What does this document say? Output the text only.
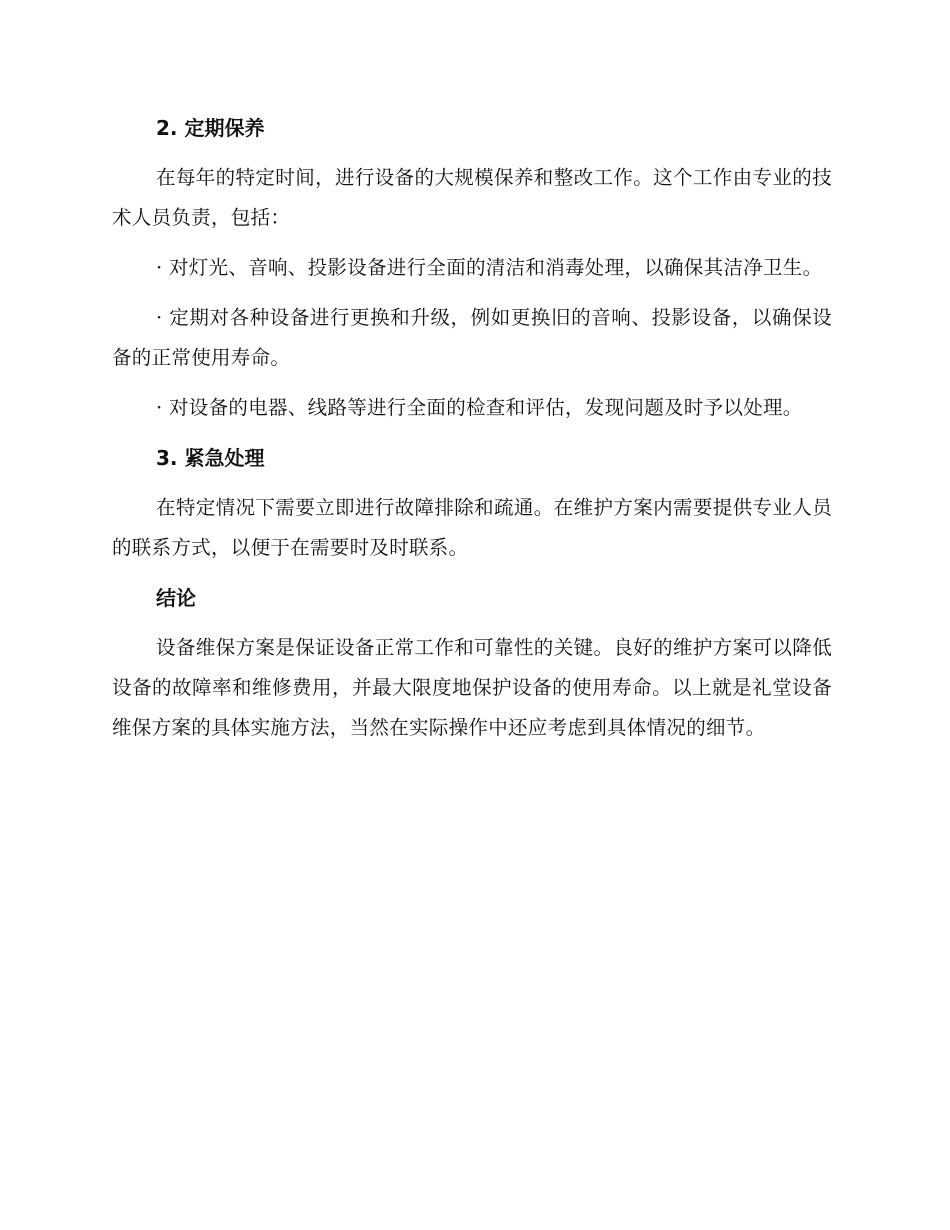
2. 定期保养

在每年的特定时间，进行设备的大规模保养和整改工作。这个工作由专业的技术人员负责，包括：

· 对灯光、音响、投影设备进行全面的清洁和消毒处理，以确保其洁净卫生。

· 定期对各种设备进行更换和升级，例如更换旧的音响、投影设备，以确保设备的正常使用寿命。

· 对设备的电器、线路等进行全面的检查和评估，发现问题及时予以处理。

3. 紧急处理

在特定情况下需要立即进行故障排除和疏通。在维护方案内需要提供专业人员的联系方式，以便于在需要时及时联系。

结论

设备维保方案是保证设备正常工作和可靠性的关键。良好的维护方案可以降低设备的故障率和维修费用，并最大限度地保护设备的使用寿命。以上就是礼堂设备维保方案的具体实施方法，当然在实际操作中还应考虑到具体情况的细节。
